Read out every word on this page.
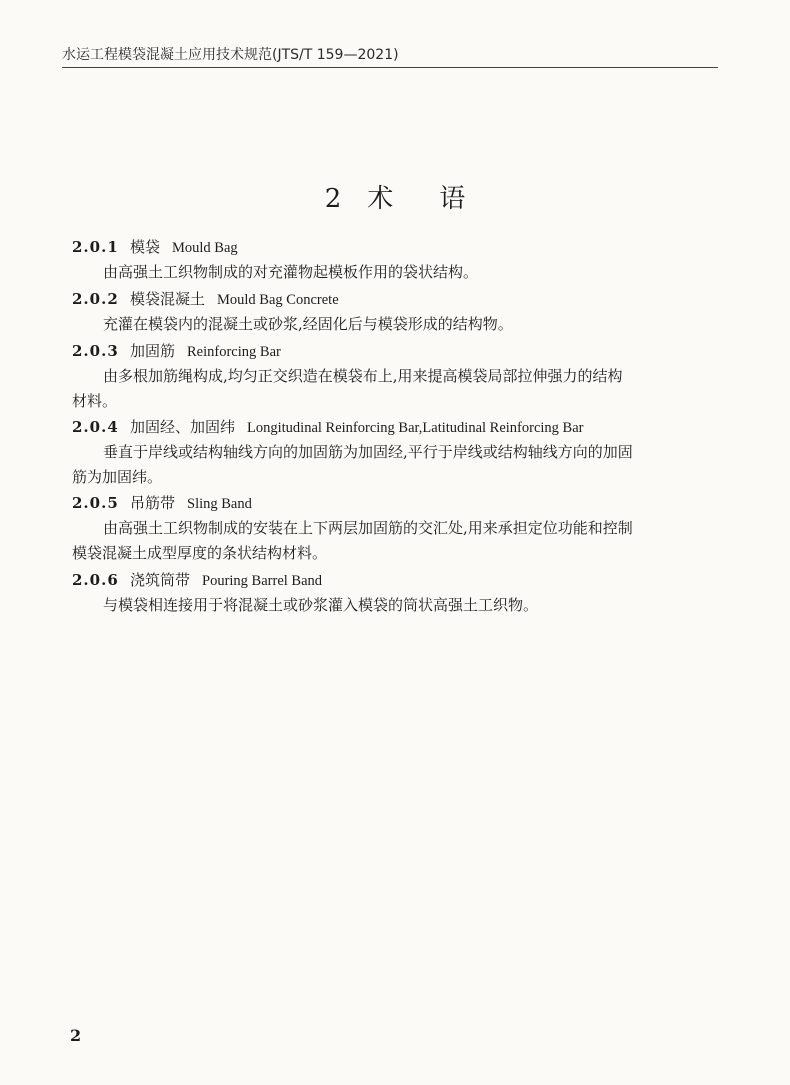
水运工程模袋混凝土应用技术规范(JTS/T 159—2021)
2 术语
2.0.1 模袋 Mould Bag
由高强土工织物制成的对充灌物起模板作用的袋状结构。
2.0.2 模袋混凝土 Mould Bag Concrete
充灌在模袋内的混凝土或砂浆,经固化后与模袋形成的结构物。
2.0.3 加固筋 Reinforcing Bar
由多根加筋绳构成,均匀正交织造在模袋布上,用来提高模袋局部拉伸强力的结构
材料。
2.0.4 加固经、加固纬 Longitudinal Reinforcing Bar,Latitudinal Reinforcing Bar
垂直于岸线或结构轴线方向的加固筋为加固经,平行于岸线或结构轴线方向的加固
筋为加固纬。
2.0.5 吊筋带 Sling Band
由高强土工织物制成的安装在上下两层加固筋的交汇处,用来承担定位功能和控制
模袋混凝土成型厚度的条状结构材料。
2.0.6 浇筑筒带 Pouring Barrel Band
与模袋相连接用于将混凝土或砂浆灌入模袋的筒状高强土工织物。
2
